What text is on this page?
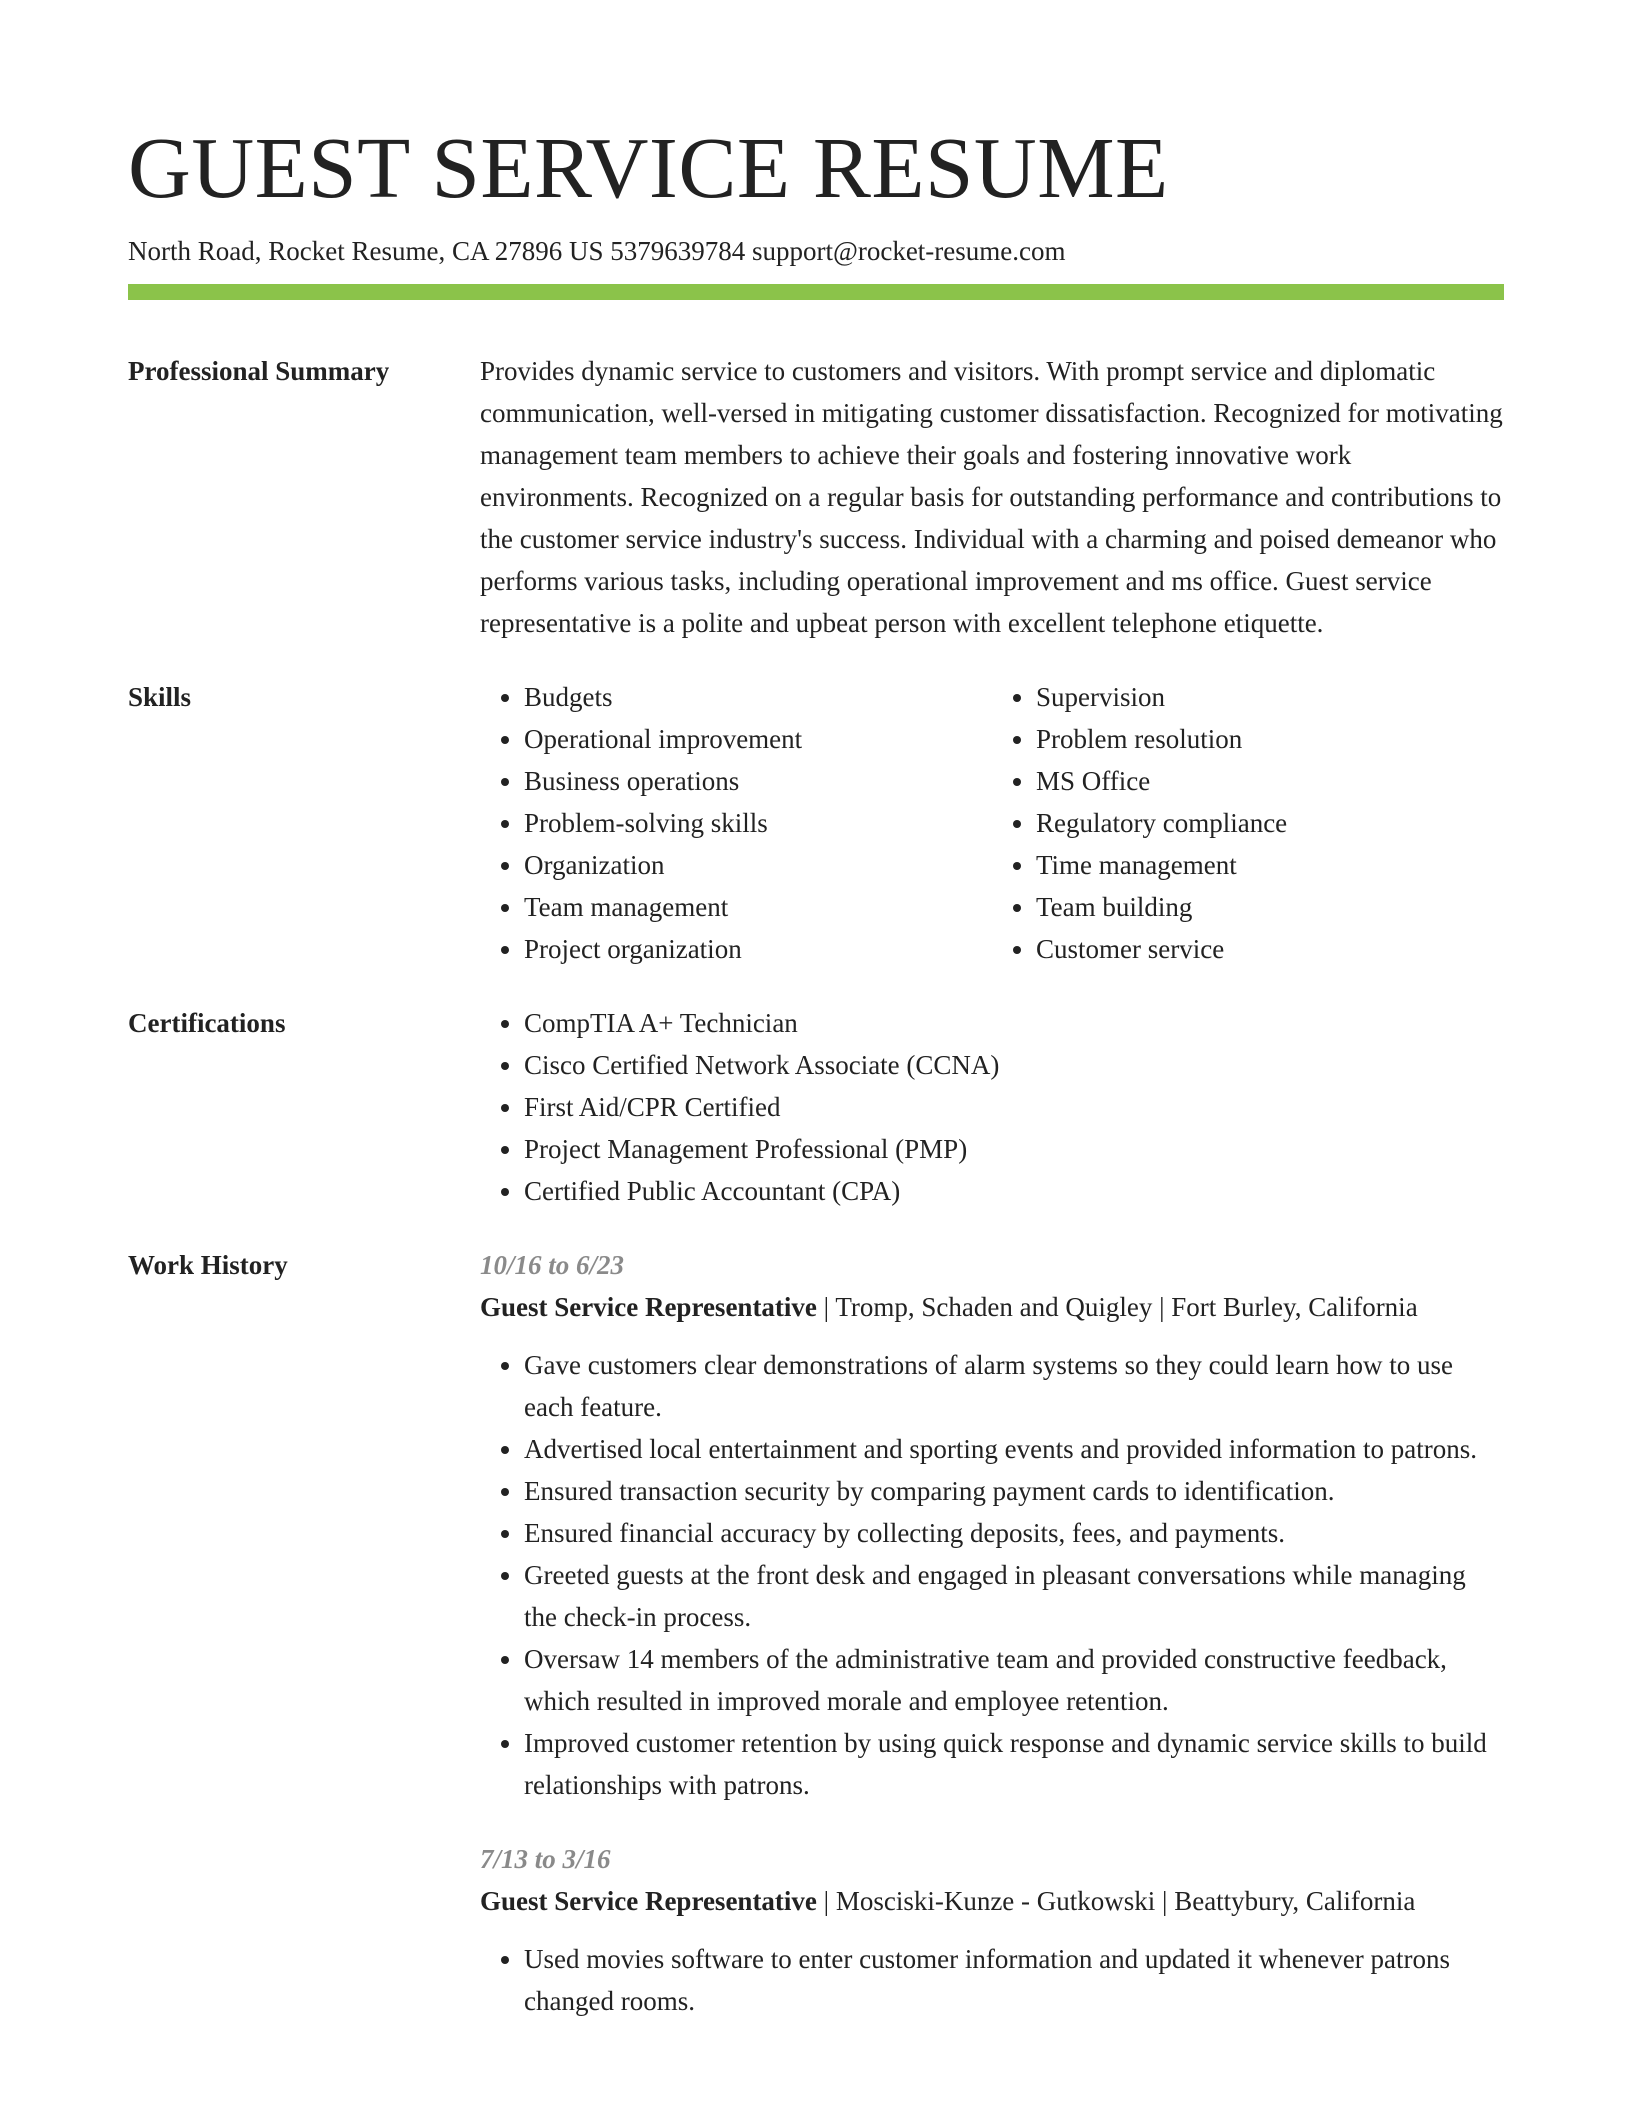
GUEST SERVICE RESUME
North Road, Rocket Resume, CA 27896 US 5379639784 support@rocket-resume.com
Professional Summary	Provides dynamic service to customers and visitors. With prompt service and diplomatic communication, well-versed in mitigating customer dissatisfaction. Recognized for motivating management team members to achieve their goals and fostering innovative work environments. Recognized on a regular basis for outstanding performance and contributions to the customer service industry's success. Individual with a charming and poised demeanor who performs various tasks, including operational improvement and ms office. Guest service representative is a polite and upbeat person with excellent telephone etiquette.

Skills	• Budgets
• Operational improvement
• Business operations
• Problem-solving skills
• Organization
• Team management
• Project organization
• Supervision
• Problem resolution
• MS Office
• Regulatory compliance
• Time management
• Team building
• Customer service
Certifications	• CompTIA A+ Technician
• Cisco Certified Network Associate (CCNA)
• First Aid/CPR Certified
• Project Management Professional (PMP)
• Certified Public Accountant (CPA)
Work History	10/16 to 6/23
Guest Service Representative | Tromp, Schaden and Quigley | Fort Burley, California
• Gave customers clear demonstrations of alarm systems so they could learn how to use each feature.
• Advertised local entertainment and sporting events and provided information to patrons.
• Ensured transaction security by comparing payment cards to identification.
• Ensured financial accuracy by collecting deposits, fees, and payments.
• Greeted guests at the front desk and engaged in pleasant conversations while managing the check-in process.
• Oversaw 14 members of the administrative team and provided constructive feedback, which resulted in improved morale and employee retention.
• Improved customer retention by using quick response and dynamic service skills to build relationships with patrons.
7/13 to 3/16
Guest Service Representative | Mosciski-Kunze - Gutkowski | Beattybury, California
• Used movies software to enter customer information and updated it whenever patrons changed rooms.
